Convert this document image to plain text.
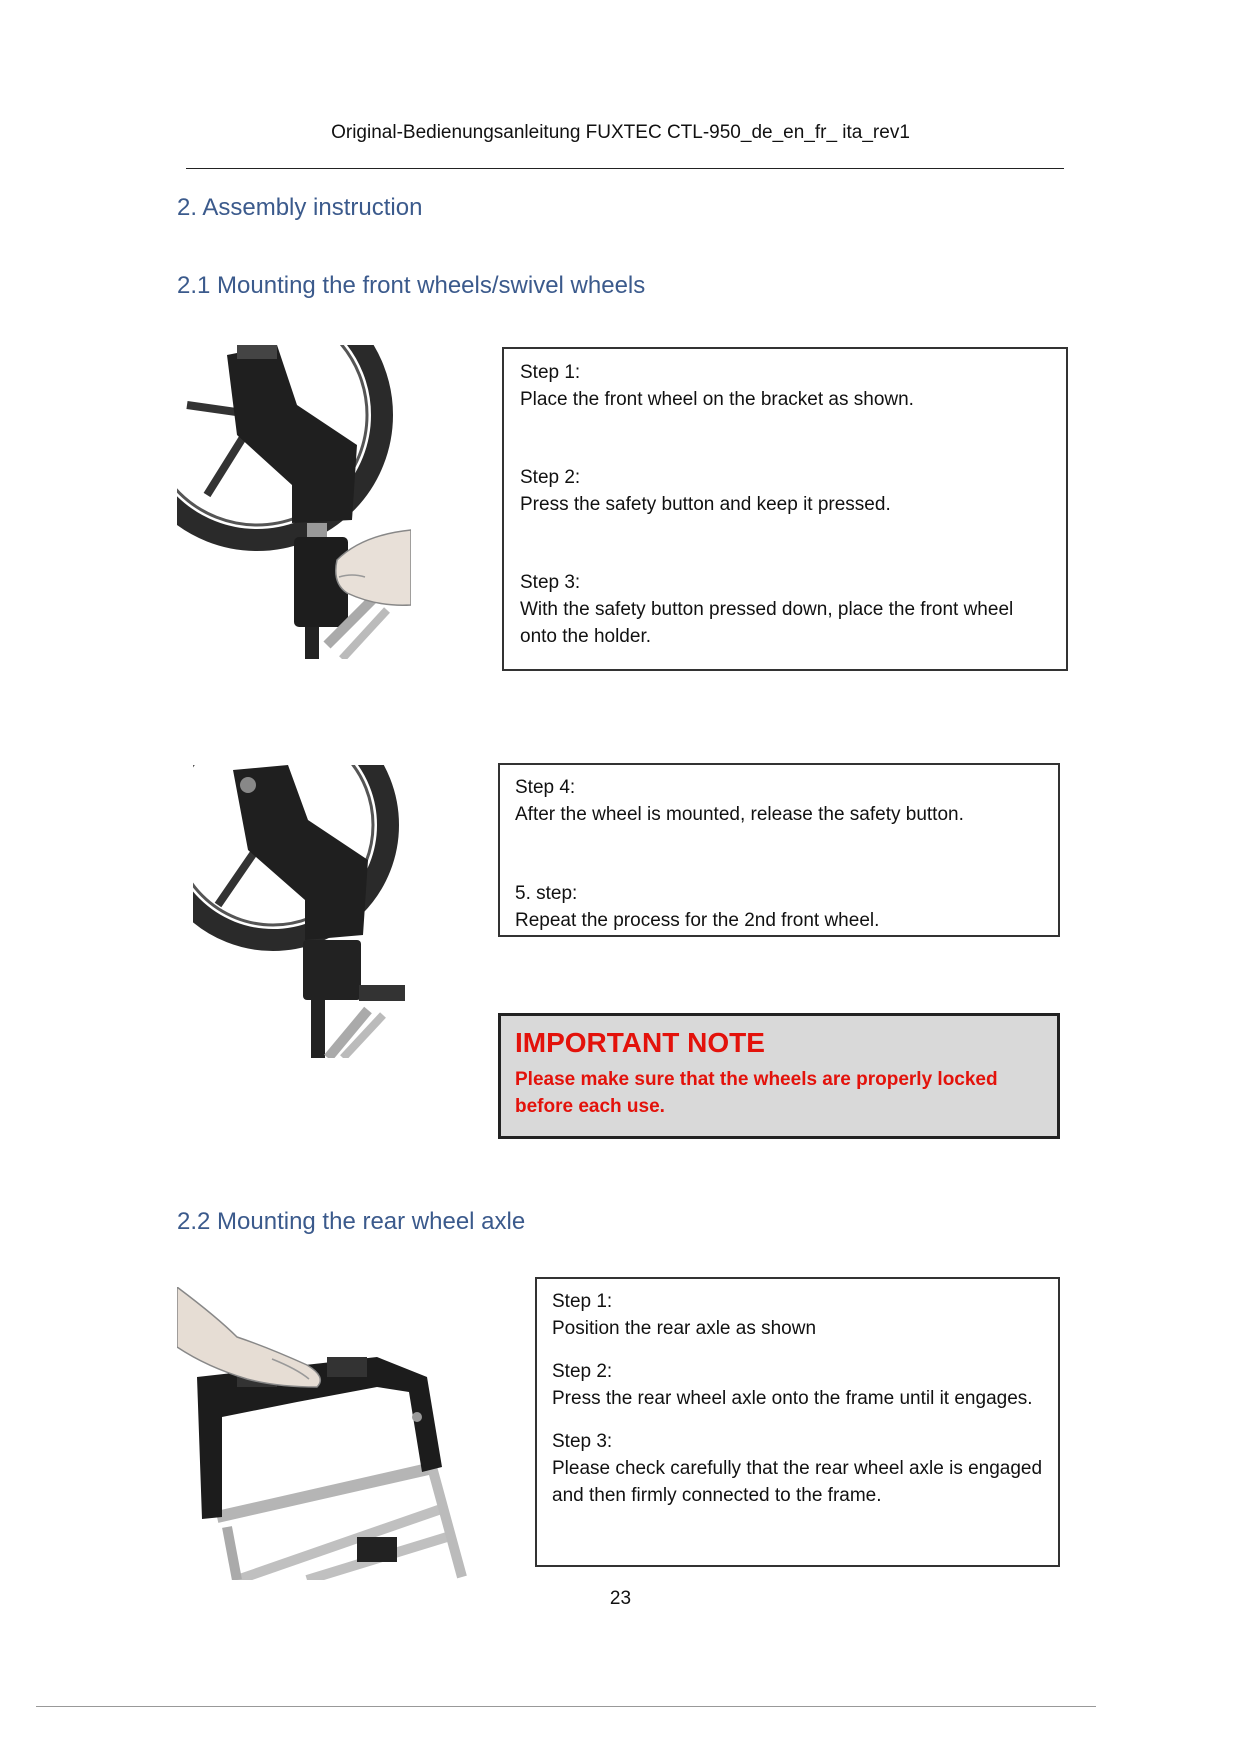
Original-Bedienungsanleitung FUXTEC CTL-950_de_en_fr_ ita_rev1
2. Assembly instruction
2.1 Mounting the front wheels/swivel wheels

Step 1:

Place the front wheel on the bracket as shown.

Step 2:

Press the safety button and keep it pressed.

Step 3:

With the safety button pressed down, place the front wheel onto the holder.

Step 4:

After the wheel is mounted, release the safety button.

5. step:

Repeat the process for the 2nd front wheel.

IMPORTANT NOTE
Please make sure that the wheels are properly locked before each use.
2.2 Mounting the rear wheel axle

Step 1:

Position the rear axle as shown

Step 2:

Press the rear wheel axle onto the frame until it engages.

Step 3:

Please check carefully that the rear wheel axle is engaged and then firmly connected to the frame.

23
